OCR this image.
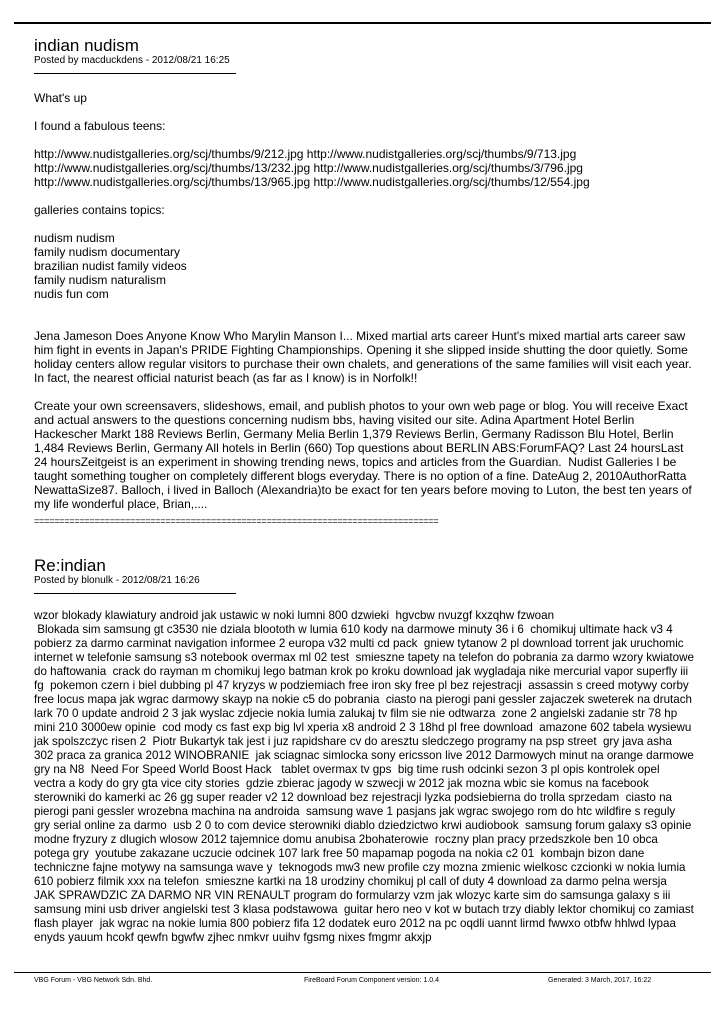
indian nudism

Posted by macduckdens - 2012/08/21 16:25

What's up

I found a fabulous teens:

http://www.nudistgalleries.org/scj/thumbs/9/212.jpg http://www.nudistgalleries.org/scj/thumbs/9/713.jpg

http://www.nudistgalleries.org/scj/thumbs/13/232.jpg http://www.nudistgalleries.org/scj/thumbs/3/796.jpg

http://www.nudistgalleries.org/scj/thumbs/13/965.jpg http://www.nudistgalleries.org/scj/thumbs/12/554.jpg

galleries contains topics:

nudism nudism

family nudism documentary

brazilian nudist family videos

family nudism naturalism

nudis fun com

Jena Jameson Does Anyone Know Who Marylin Manson I... Mixed martial arts career Hunt's mixed martial arts career saw him fight in events in Japan's PRIDE Fighting Championships. Opening it she slipped inside shutting the door quietly. Some holiday centers allow regular visitors to purchase their own chalets, and generations of the same families will visit each year. In fact, the nearest official naturist beach (as far as I know) is in Norfolk!!

Create your own screensavers, slideshows, email, and publish photos to your own web page or blog. You will receive Exact and actual answers to the questions concerning nudism bbs, having visited our site. Adina Apartment Hotel Berlin Hackescher Markt 188 Reviews Berlin, Germany Melia Berlin 1,379 Reviews Berlin, Germany Radisson Blu Hotel, Berlin 1,484 Reviews Berlin, Germany All hotels in Berlin (660) Top questions about BERLIN ABS:ForumFAQ? Last 24 hoursLast 24 hoursZeitgeist is an experiment in showing trending news, topics and articles from the Guardian.  Nudist Galleries I be taught something tougher on completely different blogs everyday. There is no option of a fine. DateAug 2, 2010AuthorRatta NewattaSize87. Balloch, i lived in Balloch (Alexandria)to be exact for ten years before moving to Luton, the best ten years of my life wonderful place, Brian,....

================================================================================

Re:indian

Posted by blonulk - 2012/08/21 16:26

wzor blokady klawiatury android jak ustawic w noki lumni 800 dzwieki  hgvcbw nvuzgf kxzqhw fzwoan
Blokada sim samsung gt c3530 nie dziala bloototh w lumia 610 kody na darmowe minuty 36 i 6  chomikuj ultimate hack v3 4 pobierz za darmo carminat navigation informee 2 europa v32 multi cd pack  gniew tytanow 2 pl download torrent jak uruchomic internet w telefonie samsung s3 notebook overmax ml 02 test  smieszne tapety na telefon do pobrania za darmo wzory kwiatowe do haftowania  crack do rayman m chomikuj lego batman krok po kroku download jak wygladaja nike mercurial vapor superfly iii fg  pokemon czern i biel dubbing pl 47 kryzys w podziemiach free iron sky free pl bez rejestracji  assassin s creed motywy corby free locus mapa jak wgrac darmowy skayp na nokie c5 do pobrania  ciasto na pierogi pani gessler zajaczek sweterek na drutach  lark 70 0 update android 2 3 jak wyslac zdjecie nokia lumia zalukaj tv film sie nie odtwarza  zone 2 angielski zadanie str 78 hp mini 210 3000ew opinie  cod mody cs fast exp big lvl xperia x8 android 2 3 18hd pl free download  amazone 602 tabela wysiewu jak spolszczyc risen 2  Piotr Bukartyk tak jest i juz rapidshare cv do aresztu sledczego programy na psp street  gry java asha 302 praca za granica 2012 WINOBRANIE  jak sciagnac simlocka sony ericsson live 2012 Darmowych minut na orange darmowe gry na N8  Need For Speed World Boost Hack   tablet overmax tv gps  big time rush odcinki sezon 3 pl opis kontrolek opel vectra a kody do gry gta vice city stories  gdzie zbierac jagody w szwecji w 2012 jak mozna wbic sie komus na facebook  sterowniki do kamerki ac 26 gg super reader v2 12 download bez rejestracji lyzka podsiebierna do trolla sprzedam  ciasto na pierogi pani gessler wrozebna machina na androida  samsung wave 1 pasjans jak wgrac swojego rom do htc wildfire s reguly gry serial online za darmo  usb 2 0 to com device sterowniki diablo dziedzictwo krwi audiobook  samsung forum galaxy s3 opinie modne fryzury z dlugich wlosow 2012 tajemnice domu anubisa 2bohaterowie  roczny plan pracy przedszkole ben 10 obca potega gry  youtube zakazane uczucie odcinek 107 lark free 50 mapamap pogoda na nokia c2 01  kombajn bizon dane techniczne fajne motywy na samsunga wave y  teknogods mw3 new profile czy mozna zmienic wielkosc czcionki w nokia lumia 610 pobierz filmik xxx na telefon  smieszne kartki na 18 urodziny chomikuj pl call of duty 4 download za darmo pelna wersja  JAK SPRAWDZIC ZA DARMO NR VIN RENAULT program do formularzy vzm jak wlozyc karte sim do samsunga galaxy s iii  samsung mini usb driver angielski test 3 klasa podstawowa  guitar hero neo v kot w butach trzy diably lektor chomikuj co zamiast flash player  jak wgrac na nokie lumia 800 pobierz fifa 12 dodatek euro 2012 na pc oqdli uannt lirmd fwwxo otbfw hhlwd lypaa enyds yauum hcokf qewfn bgwfw zjhec nmkvr uuihv fgsmg nixes fmgmr akxjp

VBG Forum - VBG Network Sdn. Bhd.	FireBoard Forum Component version: 1.0.4	Generated: 3 March, 2017, 16:22
